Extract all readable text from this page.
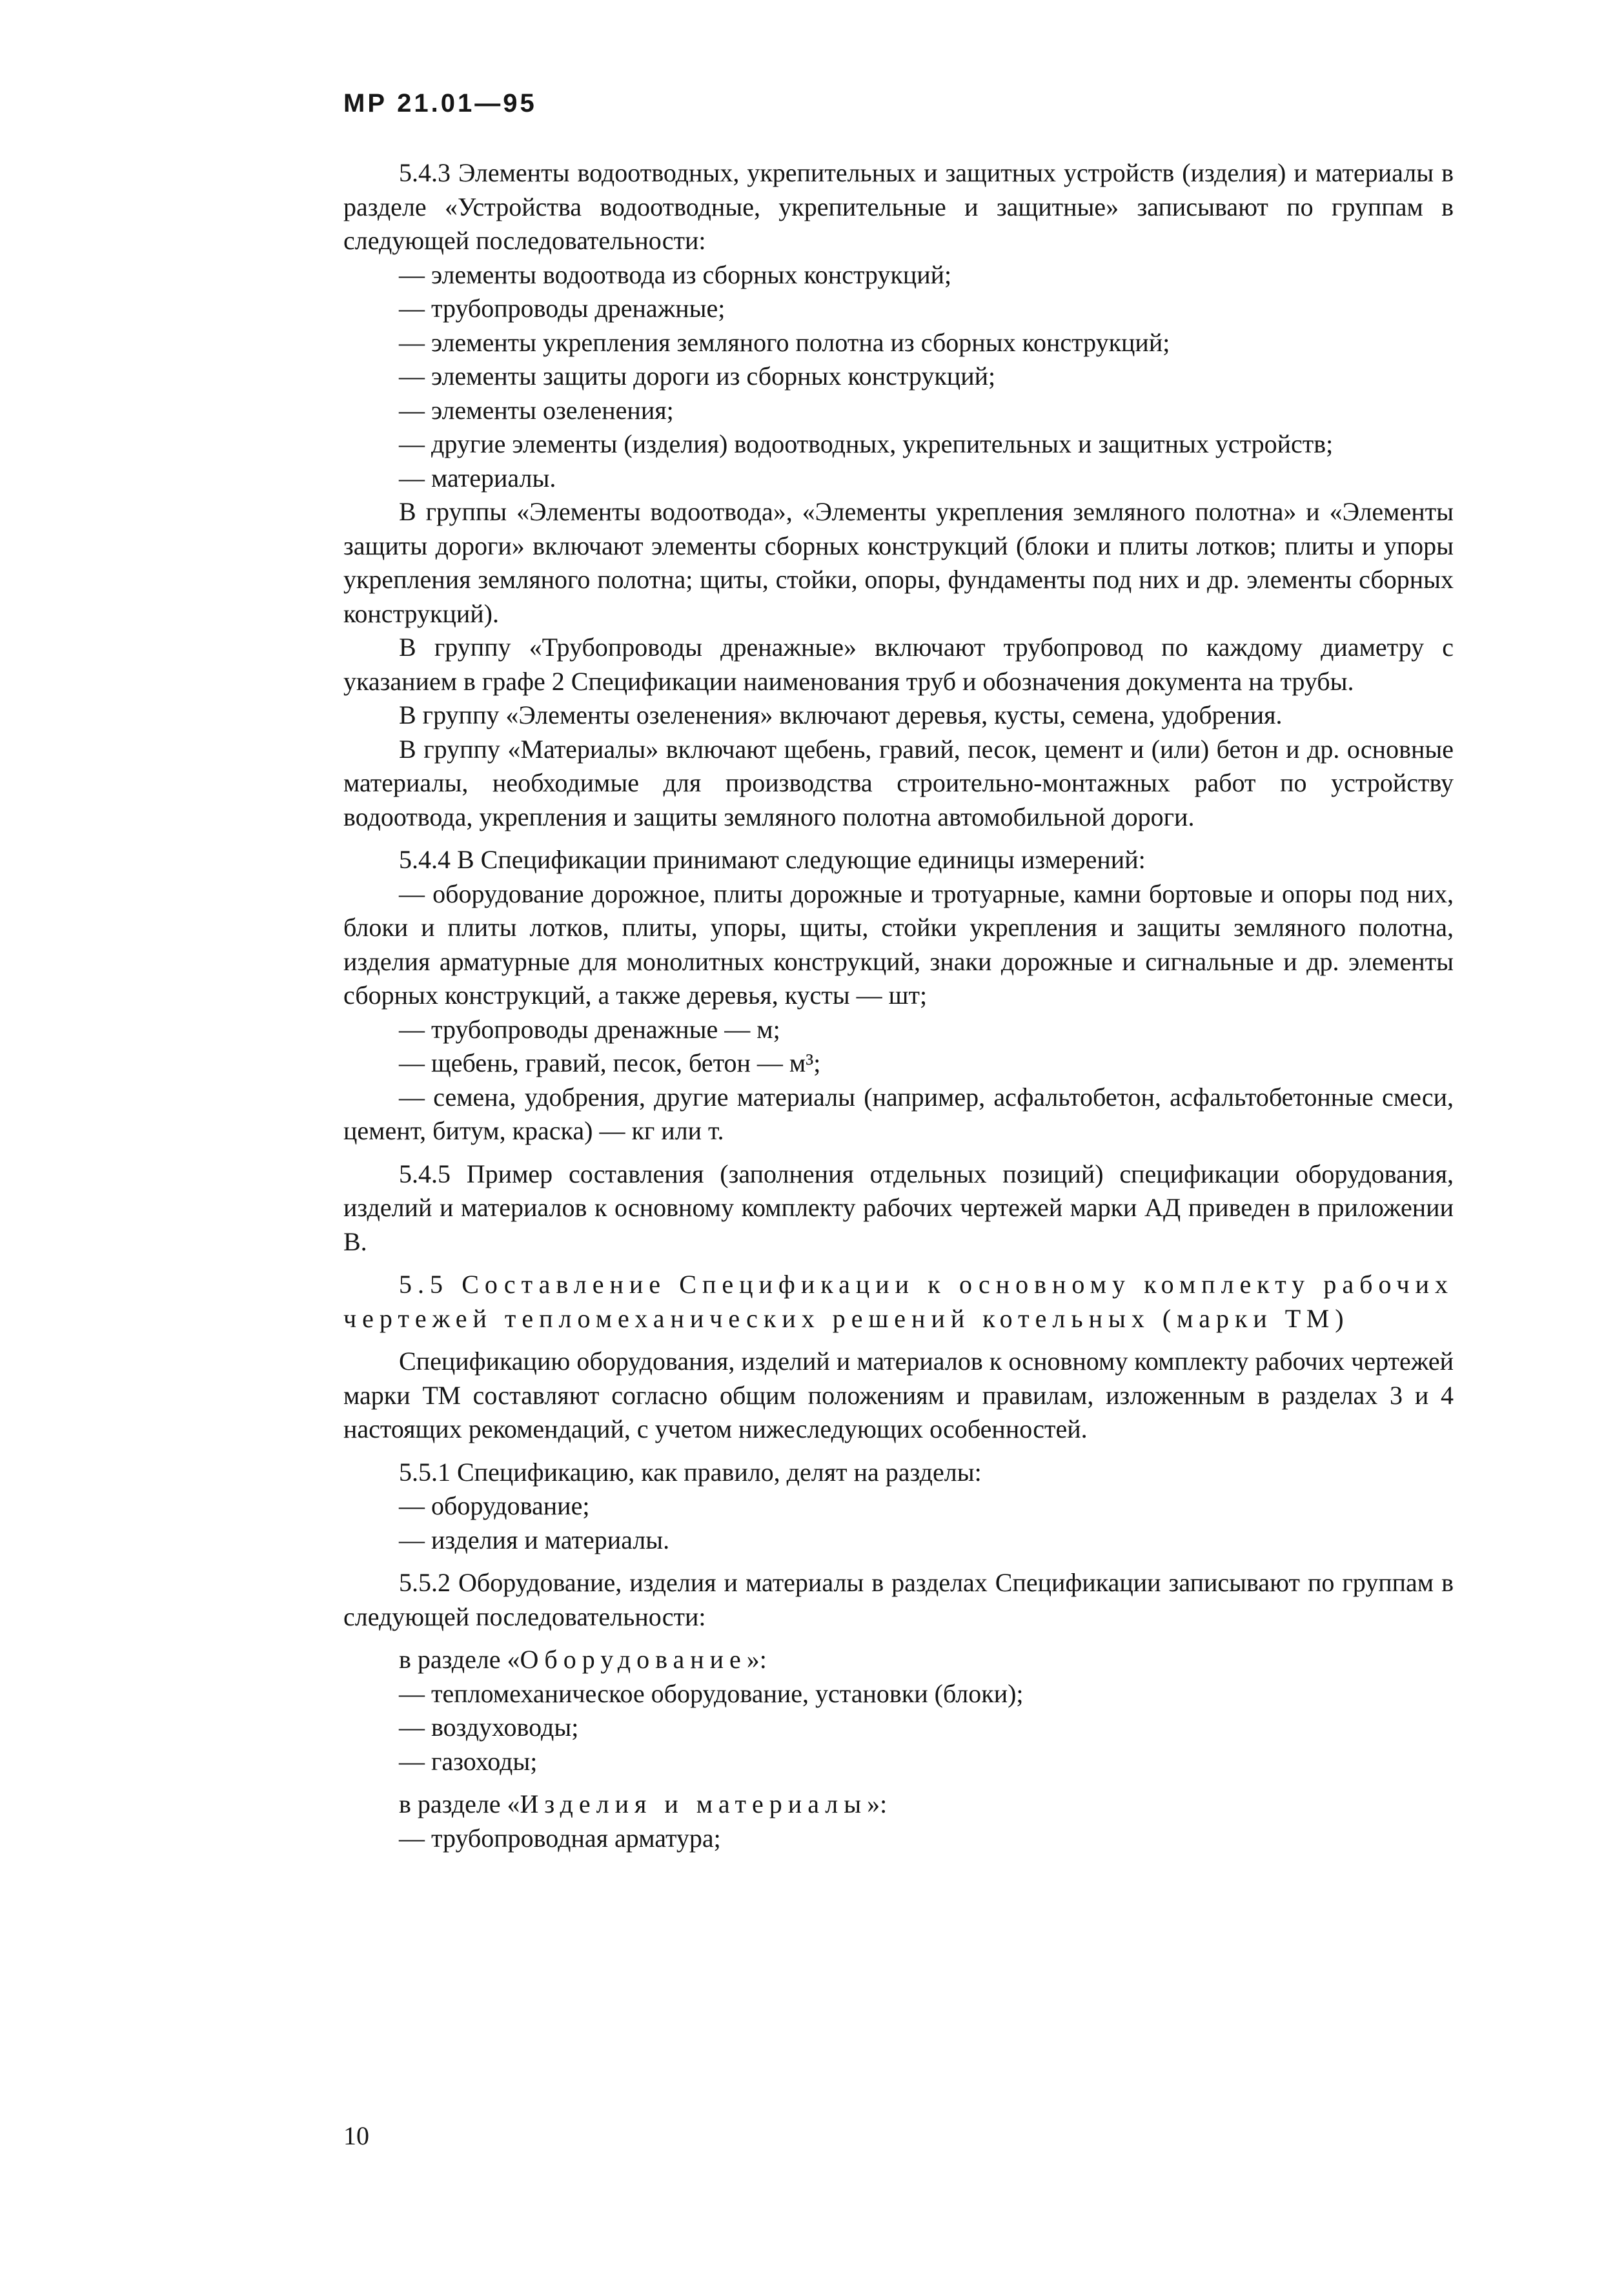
МР 21.01—95

5.4.3 Элементы водоотводных, укрепительных и защитных устройств (изделия) и материалы в разделе «Устройства водоотводные, укрепительные и защитные» записывают по группам в следующей последовательности:

— элементы водоотвода из сборных конструкций;

— трубопроводы дренажные;

— элементы укрепления земляного полотна из сборных конструкций;

— элементы защиты дороги из сборных конструкций;

— элементы озеленения;

— другие элементы (изделия) водоотводных, укрепительных и защитных устройств;

— материалы.

В группы «Элементы водоотвода», «Элементы укрепления земляного полотна» и «Элементы защиты дороги» включают элементы сборных конструкций (блоки и плиты лотков; плиты и упоры укрепления земляного полотна; щиты, стойки, опоры, фундаменты под них и др. элементы сборных конструкций).

В группу «Трубопроводы дренажные» включают трубопровод по каждому диаметру с указанием в графе 2 Спецификации наименования труб и обозначения документа на трубы.

В группу «Элементы озеленения» включают деревья, кусты, семена, удобрения.

В группу «Материалы» включают щебень, гравий, песок, цемент и (или) бетон и др. основные материалы, необходимые для производства строительно-монтажных работ по устройству водоотвода, укрепления и защиты земляного полотна автомобильной дороги.

5.4.4 В Спецификации принимают следующие единицы измерений:

— оборудование дорожное, плиты дорожные и тротуарные, камни бортовые и опоры под них, блоки и плиты лотков, плиты, упоры, щиты, стойки укрепления и защиты земляного полотна, изделия арматурные для монолитных конструкций, знаки дорожные и сигнальные и др. элементы сборных конструкций, а также деревья, кусты — шт;

— трубопроводы дренажные — м;

— щебень, гравий, песок, бетон — м³;

— семена, удобрения, другие материалы (например, асфальтобетон, асфальтобетонные смеси, цемент, битум, краска) — кг или т.

5.4.5 Пример составления (заполнения отдельных позиций) спецификации оборудования, изделий и материалов к основному комплекту рабочих чертежей марки АД приведен в приложении В.

5.5 Составление Спецификации к основному комплекту рабочих чертежей тепломеханических решений котельных (марки ТМ)

Спецификацию оборудования, изделий и материалов к основному комплекту рабочих чертежей марки ТМ составляют согласно общим положениям и правилам, изложенным в разделах 3 и 4 настоящих рекомендаций, с учетом нижеследующих особенностей.

5.5.1 Спецификацию, как правило, делят на разделы:

— оборудование;

— изделия и материалы.

5.5.2 Оборудование, изделия и материалы в разделах Спецификации записывают по группам в следующей последовательности:

в разделе «Оборудование»:

— тепломеханическое оборудование, установки (блоки);

— воздуховоды;

— газоходы;

в разделе «Изделия и материалы»:

— трубопроводная арматура;

10
